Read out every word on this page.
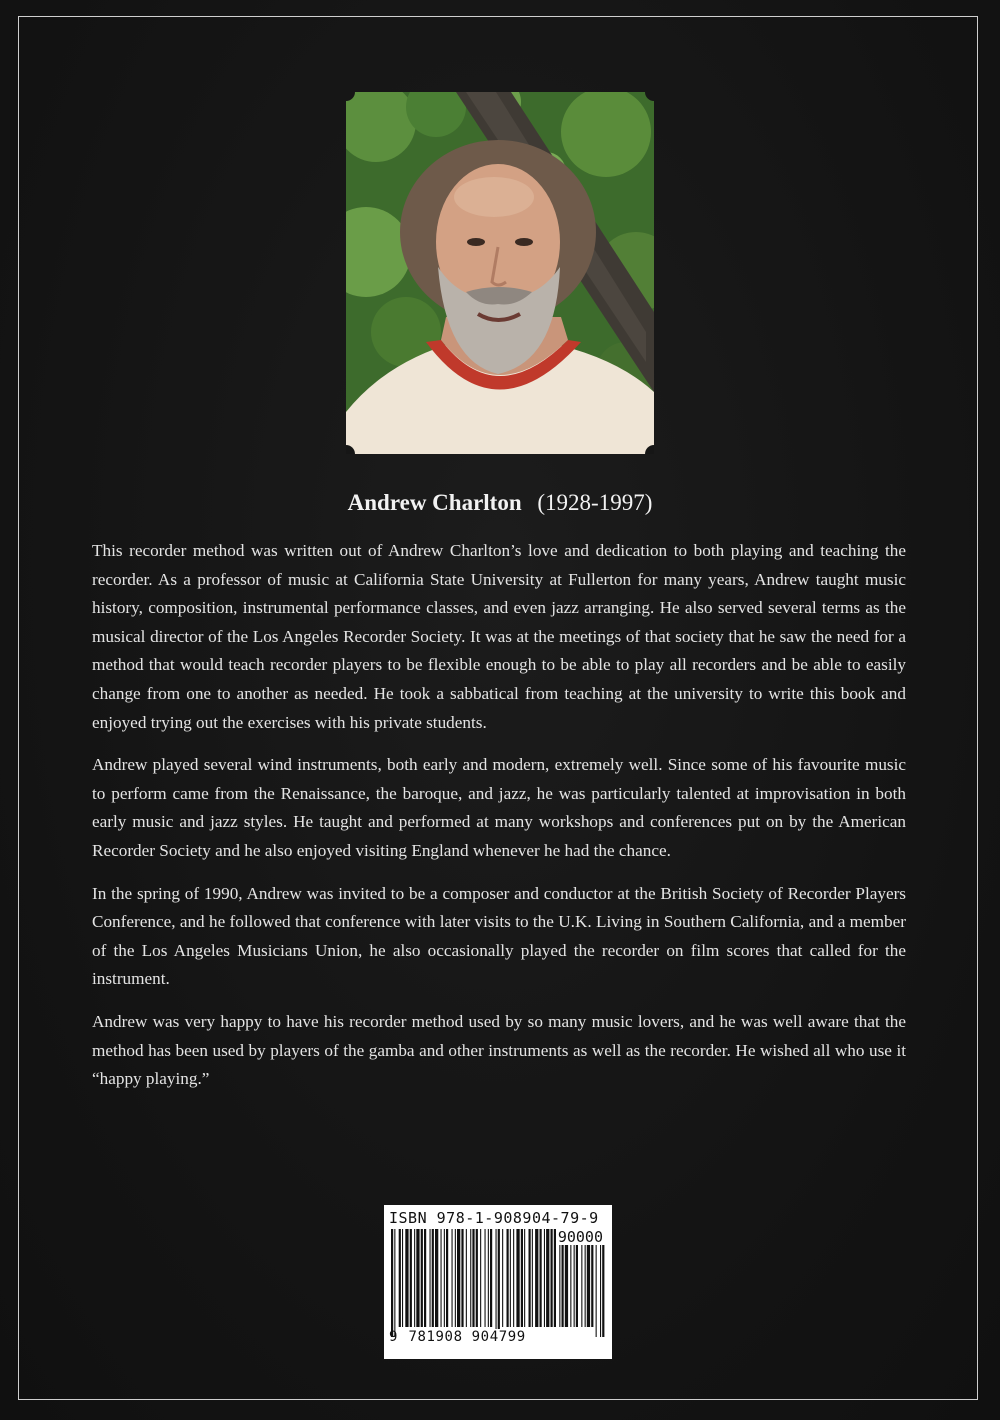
Andrew Charlton (1928-1997)

This recorder method was written out of Andrew Charlton’s love and dedication to both playing and teaching the recorder. As a professor of music at California State University at Fullerton for many years, Andrew taught music history, composition, instrumental performance classes, and even jazz arranging. He also served several terms as the musical director of the Los Angeles Recorder Society. It was at the meetings of that society that he saw the need for a method that would teach recorder players to be flexible enough to be able to play all recorders and be able to easily change from one to another as needed. He took a sabbatical from teaching at the university to write this book and enjoyed trying out the exercises with his private students.

Andrew played several wind instruments, both early and modern, extremely well. Since some of his favourite music to perform came from the Renaissance, the baroque, and jazz, he was particularly talented at improvisation in both early music and jazz styles. He taught and performed at many workshops and conferences put on by the American Recorder Society and he also enjoyed visiting England whenever he had the chance.

In the spring of 1990, Andrew was invited to be a composer and conductor at the British Society of Recorder Players Conference, and he followed that conference with later visits to the U.K. Living in Southern California, and a member of the Los Angeles Musicians Union, he also occasionally played the recorder on film scores that called for the instrument.

Andrew was very happy to have his recorder method used by so many music lovers, and he was well aware that the method has been used by players of the gamba and other instruments as well as the recorder. He wished all who use it “happy playing.”

ISBN 978-1-908904-79-9
90000
9 781908 904799
